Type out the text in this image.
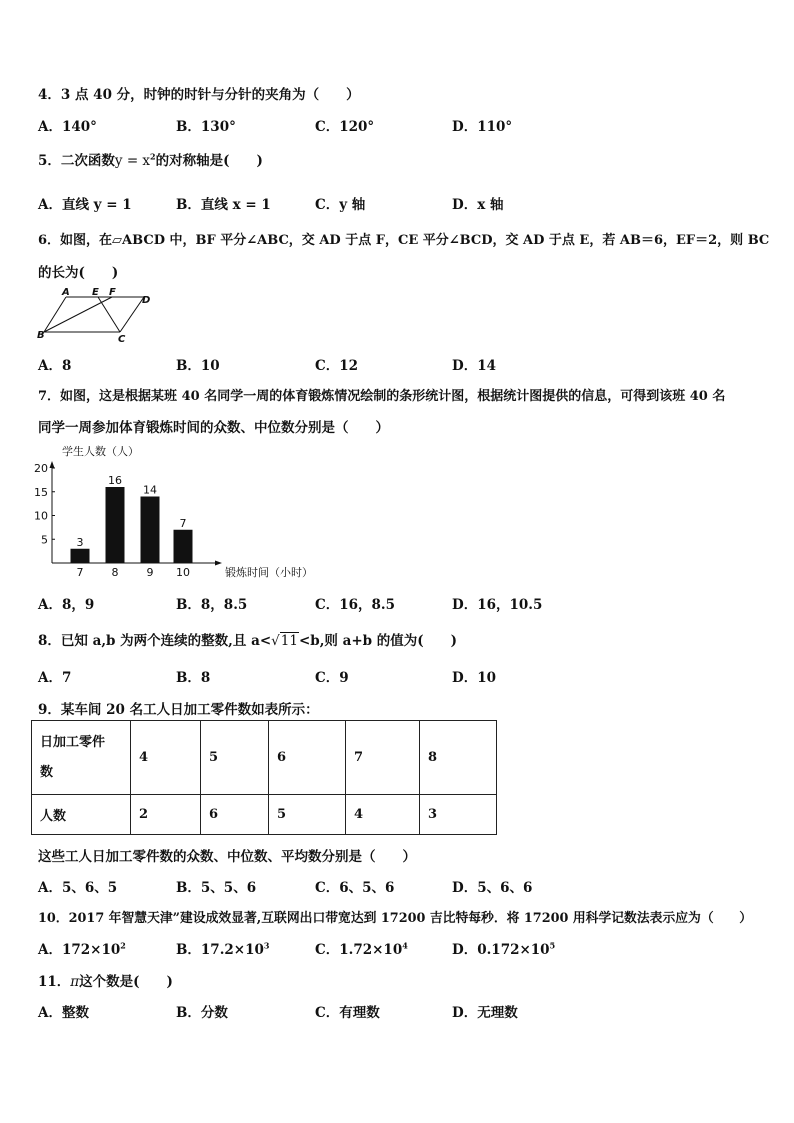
4．3 点 40 分，时钟的时针与分针的夹角为（　　）
A．140°	B．130°	C．120°	D．110°
5．二次函数$y = x^2$的对称轴是(　　)
A．直线 y = 1	B．直线 x = 1	C．y 轴	D．x 轴
6．如图，在▱ABCD 中，BF 平分∠ABC，交 AD 于点 F，CE 平分∠BCD，交 AD 于点 E，若 AB＝6，EF＝2，则 BC
的长为(　　)
A E F
D
B	C
A．8	B．10	C．12	D．14
7．如图，这是根据某班 40 名同学一周的体育锻炼情况绘制的条形统计图，根据统计图提供的信息，可得到该班 40 名
同学一周参加体育锻炼时间的众数、中位数分别是（　　）
学生人数（人）
5
10
15
20
3
7
16
8
14
9
7
10	锻炼时间（小时）
A．8，9	B．8，8.5	C．16，8.5	D．16，10.5
8．已知 a,b 为两个连续的整数,且 a<√11<b,则 a+b 的值为(　　)
A．7	B．8	C．9	D．10
9．某车间 20 名工人日加工零件数如表所示：
日加工零件
数	4	5	6	7	8
人数	2	6	5	4	3
这些工人日加工零件数的众数、中位数、平均数分别是（　　）
A．5、6、5	B．5、5、6	C．6、5、6	D．5、6、6
10．2017 年智慧天津”建设成效显著,互联网出口带宽达到 17200 吉比特每秒．将 17200 用科学记数法表示应为（　　）
A．$172\times 10^2$	B．$17.2\times 10^3$	C．$1.72\times 10^4$	D．$0.172\times 10^5$
11．π这个数是(　　)
A．整数	B．分数	C．有理数	D．无理数
